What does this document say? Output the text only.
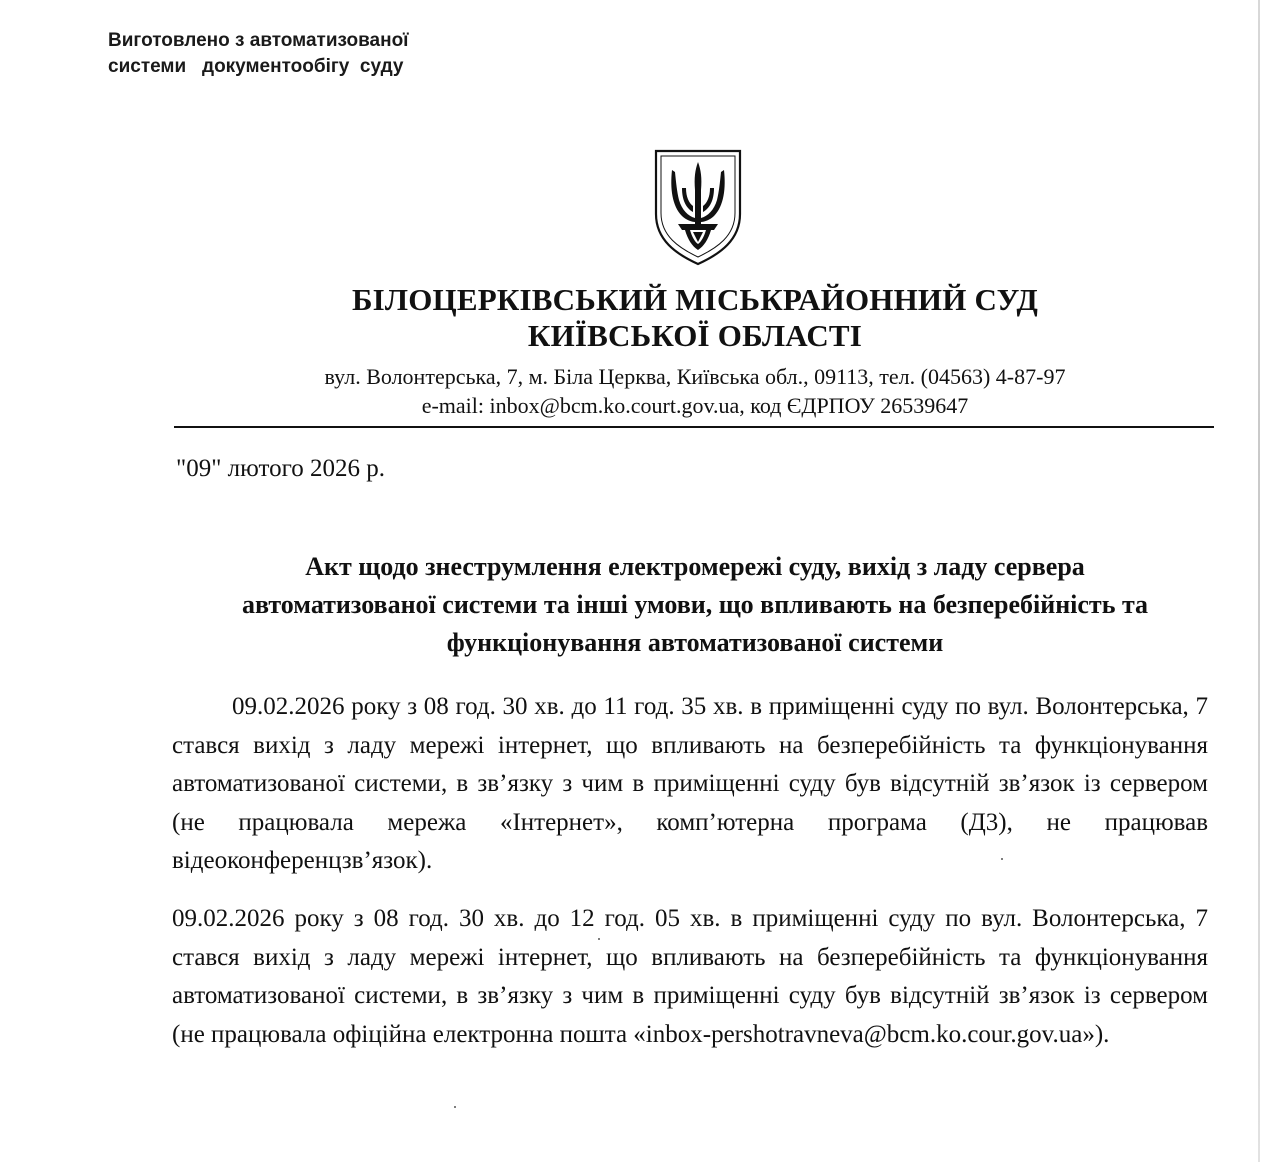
Виготовлено з автоматизованої
системи   документообігу  суду
БІЛОЦЕРКІВСЬКИЙ МІСЬКРАЙОННИЙ СУД
КИЇВСЬКОЇ ОБЛАСТІ
вул. Волонтерська, 7, м. Біла Церква, Київська обл., 09113, тел. (04563) 4-87-97
e-mail: inbox@bcm.ko.court.gov.ua, код ЄДРПОУ 26539647
"09" лютого 2026 р.
Акт щодо знеструмлення електромережі суду, вихід з ладу сервера
автоматизованої системи та інші умови, що впливають на безперебійність та
функціонування автоматизованої системи
09.02.2026 року з 08 год. 30 хв. до 11 год. 35 хв. в приміщенні суду по вул. Волонтерська, 7 стався вихід з ладу мережі інтернет, що впливають на безперебійність та функціонування автоматизованої системи, в зв’язку з чим в приміщенні суду був відсутній зв’язок із сервером (не працювала мережа «Інтернет», комп’ютерна програма (Д3), не працював відеоконференцзв’язок).
09.02.2026 року з 08 год. 30 хв. до 12 год. 05 хв. в приміщенні суду по вул. Волонтерська, 7 стався вихід з ладу мережі інтернет, що впливають на безперебійність та функціонування автоматизованої системи, в зв’язку з чим в приміщенні суду був відсутній зв’язок із сервером (не працювала офіційна електронна пошта «inbox-pershotravneva@bcm.ko.cour.gov.ua»).
